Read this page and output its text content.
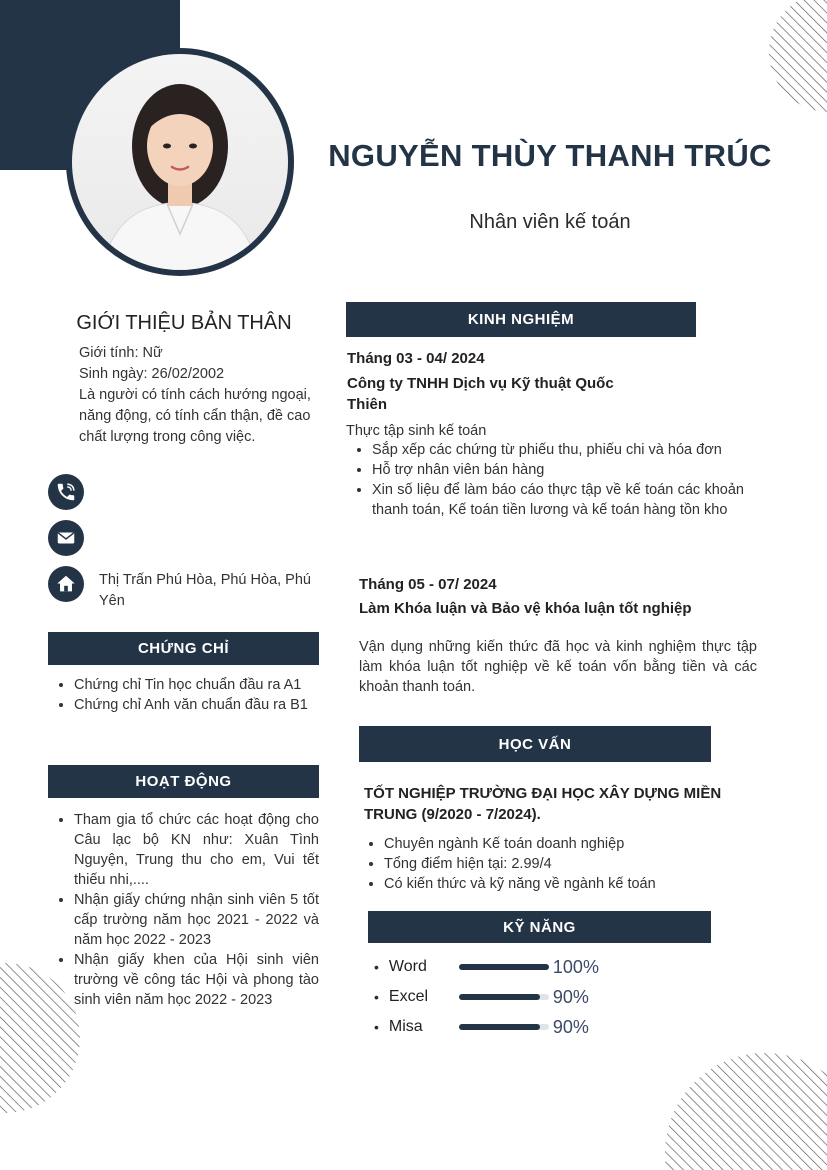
NGUYỄN THÙY THANH TRÚC
Nhân viên kế toán
GIỚI THIỆU BẢN THÂN
Giới tính: Nữ
Sinh ngày: 26/02/2002
Là người có tính cách hướng ngoại, năng động, có tính cẩn thận, đề cao chất lượng trong công việc.
Thị Trấn Phú Hòa, Phú Hòa, Phú Yên
CHỨNG CHỈ
• Chứng chỉ Tin học chuẩn đầu ra A1
• Chứng chỉ Anh văn chuẩn đầu ra B1
HOẠT ĐỘNG
• Tham gia tổ chức các hoạt động cho Câu lạc bộ KN như: Xuân Tình Nguyện, Trung thu cho em, Vui tết thiếu nhi,....
• Nhận giấy chứng nhận sinh viên 5 tốt cấp trường năm học 2021 - 2022 và năm học 2022 - 2023
• Nhận giấy khen của Hội sinh viên trường về công tác Hội và phong tào sinh viên năm học 2022 - 2023
KINH NGHIỆM
Tháng 03 - 04/ 2024
Công ty TNHH Dịch vụ Kỹ thuật Quốc Thiên
Thực tập sinh kế toán
• Sắp xếp các chứng từ phiếu thu, phiếu chi và hóa đơn
• Hỗ trợ nhân viên bán hàng
• Xin số liệu để làm báo cáo thực tập về kế toán các khoản thanh toán, Kế toán tiền lương và kế toán hàng tồn kho
Tháng 05 - 07/ 2024
Làm Khóa luận và Bảo vệ khóa luận tốt nghiệp
Vận dụng những kiến thức đã học và kinh nghiệm thực tập làm khóa luận tốt nghiệp về kế toán vốn bằng tiền và các khoản thanh toán.
HỌC VẤN
TỐT NGHIỆP TRƯỜNG ĐẠI HỌC XÂY DỰNG MIỀN TRUNG (9/2020 - 7/2024).
• Chuyên ngành Kế toán doanh nghiệp
• Tổng điểm hiện tại: 2.99/4
• Có kiến thức và kỹ năng về ngành kế toán
KỸ NĂNG
• Word	100%
• Excel	90%
• Misa	90%
